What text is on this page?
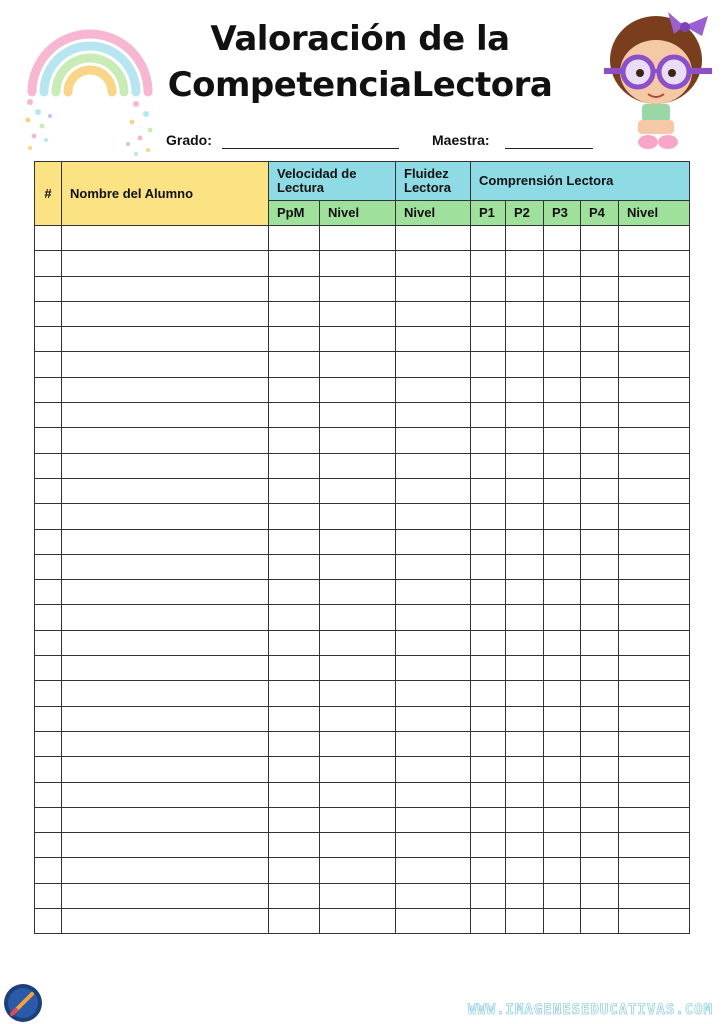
Valoración de la
CompetenciaLectora
Grado:	Maestra:
#	Nombre del Alumno	Velocidad de Lectura		Fluidez Lectora	Comprensión Lectora				
		PpM	Nivel	Nivel	P1	P2	P3	P4	Nivel

WWW.IMAGENESEDUCATIVAS.COM
